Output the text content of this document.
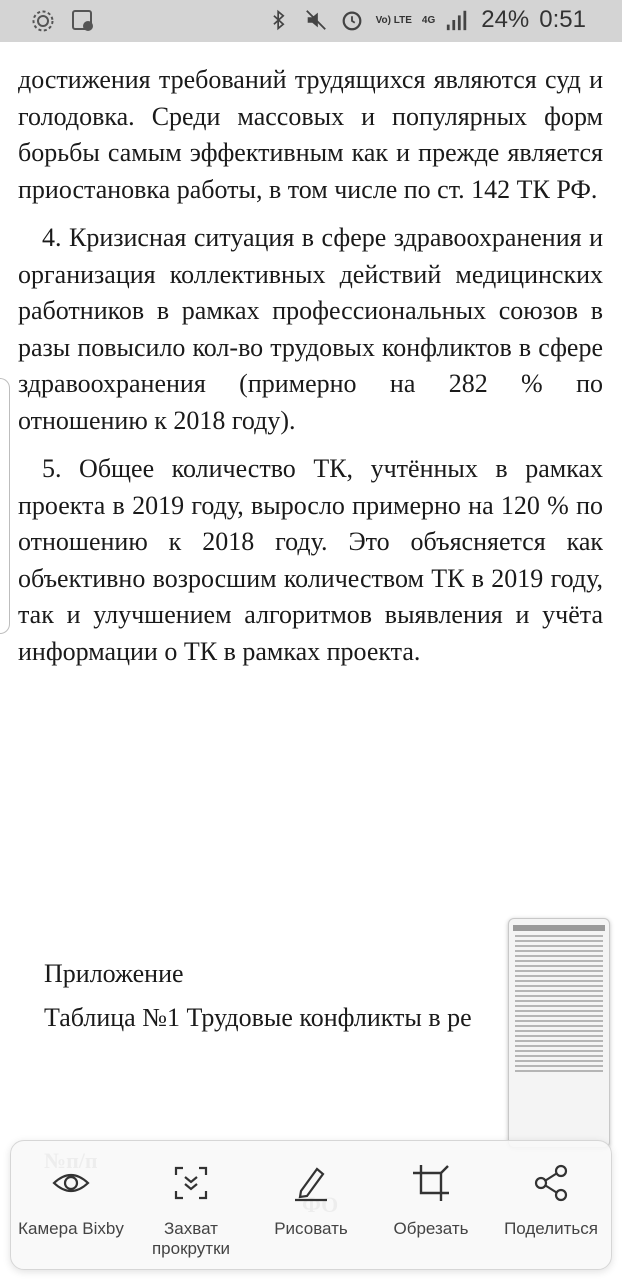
Vo) LTE 4G 24% 0:51

достижения требований трудящихся являются суд и голодовка. Среди массовых и популярных форм борьбы самым эффективным как и прежде является приостановка работы, в том числе по ст. 142 ТК РФ.

4. Кризисная ситуация в сфере здравоохранения и организация коллективных действий медицинских работников в рамках профессиональных союзов в разы повысило кол-во трудовых конфликтов в сфере здравоохранения (примерно на 282 % по отношению к 2018 году).

5. Общее количество ТК, учтённых в рамках проекта в 2019 году, выросло примерно на 120 % по отношению к 2018 году. Это объясняется как объективно возросшим количеством ТК в 2019 году, так и улучшением алгоритмов выявления и учёта информации о ТК в рамках проекта.

Приложение
Таблица №1 Трудовые конфликты в ре
Камера Bixby	Захват прокрутки
Рисовать	Обрезать Поделиться
